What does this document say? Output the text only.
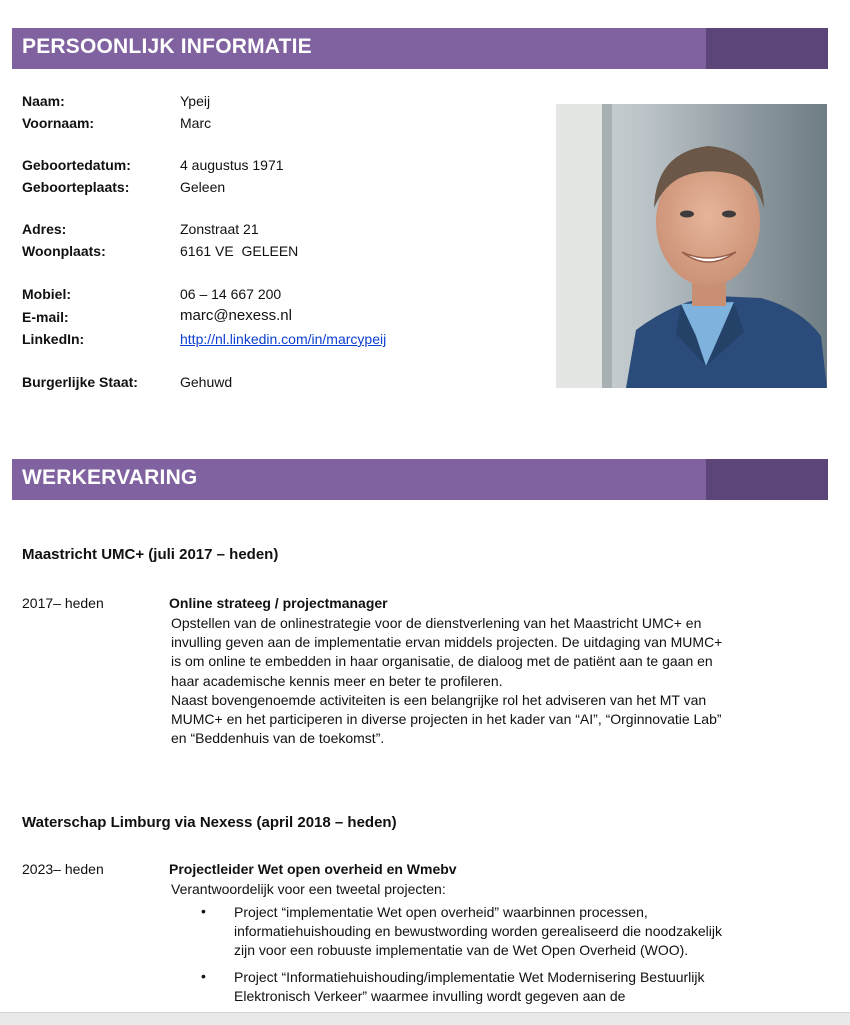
PERSOONLIJK INFORMATIE
Naam:	Ypeij
Voornaam:	Marc
Geboortedatum:	4 augustus 1971
Geboorteplaats:	Geleen
Adres:	Zonstraat 21
Woonplaats:	6161 VE  GELEEN
Mobiel:	06 – 14 667 200
E-mail:	marc@nexess.nl
LinkedIn:	http://nl.linkedin.com/in/marcypeij
Burgerlijke Staat:	Gehuwd
WERKERVARING
Maastricht UMC+ (juli 2017 – heden)
2017– heden	Online strateeg / projectmanager

Opstellen van de onlinestrategie voor de dienstverlening van het Maastricht UMC+ en

invulling geven aan de implementatie ervan middels projecten. De uitdaging van MUMC+

is om online te embedden in haar organisatie, de dialoog met de patiënt aan te gaan en

haar academische kennis meer en beter te profileren.

Naast bovengenoemde activiteiten is een belangrijke rol het adviseren van het MT van

MUMC+ en het participeren in diverse projecten in het kader van “AI”, “Orginnovatie Lab”

en “Beddenhuis van de toekomst”.

Waterschap Limburg via Nexess (april 2018 – heden)
2023– heden	Projectleider Wet open overheid en Wmebv

Verantwoordelijk voor een tweetal projecten:

• Project “implementatie Wet open overheid” waarbinnen processen,
informatiehuishouding en bewustwording worden gerealiseerd die noodzakelijk
zijn voor een robuuste implementatie van de Wet Open Overheid (WOO).
• Project “Informatiehuishouding/implementatie Wet Modernisering Bestuurlijk
Elektronisch Verkeer” waarmee invulling wordt gegeven aan de
